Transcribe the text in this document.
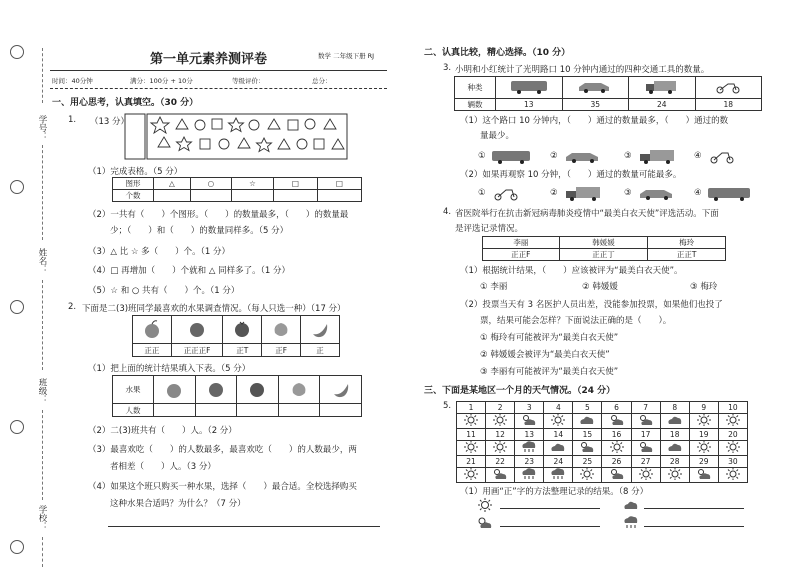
学号：
姓名：
班级：
学校：
第一单元素养测评卷	数学 二年级下册 RJ
时间：40分钟	满分：100分 + 10分	等级评价：	总分：
一、用心思考，认真填空。（30 分）
1. （13 分）
（1）完成表格。（5 分）
图形	△	○	☆	□	□
个数					
（2）一共有（　　）个图形。（　　）的数量最多，（　　）的数量最
少；（　　）和（　　）的数量同样多。（5 分）
（3）△ 比 ☆ 多（　　）个。（1 分）
（4）□ 再增加（　　）个就和 △ 同样多了。（1 分）
（5）☆ 和 ○ 共有（　　）个。（1 分）
2. 下面是二(3)班同学最喜欢的水果调查情况。（每人只选一种）（17 分）

正正	正正正F	正T	正F	正
（1）把上面的统计结果填入下表。（5 分）
水果					
人数					
（2）二(3)班共有（　　）人。（2 分）
（3）最喜欢吃（　　）的人数最多，最喜欢吃（　　）的人数最少，两
者相差（　　）人。（3 分）
（4）如果这个班只购买一种水果，选择（　　）最合适。全校选择购买
这种水果合适吗？为什么？（7 分）
二、认真比较，精心选择。（10 分）
3. 小明和小红统计了光明路口 10 分钟内通过的四种交通工具的数量。
种类				
辆数	13	35	24	18
（1）这个路口 10 分钟内，（　　）通过的数量最多，（　　）通过的数
量最少。
①	②	③	④
（2）如果再观察 10 分钟，（　　）通过的数量可能最多。
①	②	③	④
4. 省医院举行在抗击新冠病毒肺炎疫情中“最美白衣天使”评选活动。下面
是评选记录情况。
李丽	韩媛媛	梅玲
正正F	正正丁	正正T
（1）根据统计结果，（　　）应该被评为“最美白衣天使”。
① 李丽	② 韩媛媛	③ 梅玲
（2）投票当天有 3 名医护人员出差，没能参加投票，如果他们也投了
票，结果可能会怎样？下面说法正确的是（　　）。
① 梅玲有可能被评为“最美白衣天使”
② 韩媛媛会被评为“最美白衣天使”
③ 李丽有可能被评为“最美白衣天使”
三、下面是某地区一个月的天气情况。（24 分）
5. 1	2	3	4	5	6	7	8	9	10

11	12	13	14	15	16	17	18	19	20

21	22	23	24	25	26	27	28	29	30

（1）用画“正”字的方法整理记录的结果。（8 分）
